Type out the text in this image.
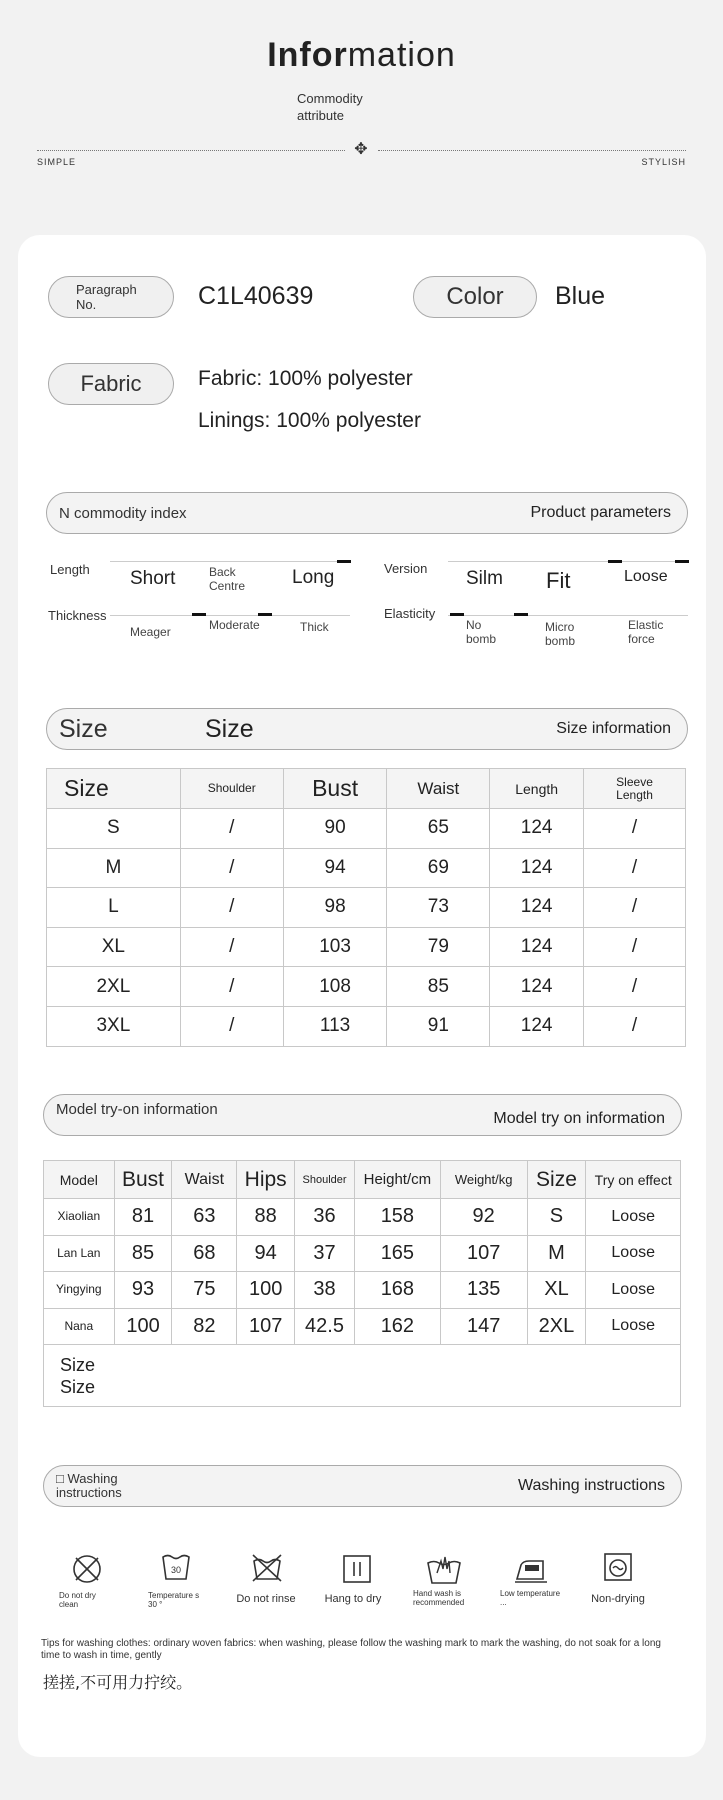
Information
Commodity attribute
✥
SIMPLE	STYLISH
Paragraph No.	C1L40639	Color Blue
Fabric	Fabric: 100% polyester
Linings: 100% polyester
N commodity index	Product parameters
Length Short	Back Centre	Long	Version Silm Fit	Loose
Thickness
Meager	Moderate	Thick
Elasticity
No bomb
Micro bomb
Elastic force
Size	Size	Size information
Size	Shoulder	Bust	Waist	Length	Sleeve Length
S	/	90	65	124	/
M	/	94	69	124	/
L	/	98	73	124	/
XL	/	103	79	124	/
2XL	/	108	85	124	/
3XL	/	113	91	124	/
Model try-on information
Model try on information
Model	Bust	Waist	Hips	Shoulder	Height/cm	Weight/kg	Size	Try on effect
Xiaolian	81	63	88	36	158	92	S	Loose
Lan Lan	85	68	94	37	165	107	M	Loose
Yingying	93	75	100	38	168	135	XL	Loose
Nana	100	82	107	42.5	162	147	2XL	Loose

Size
Size								
□ Washing instructions	Washing instructions
Do not dry clean
30
Temperature s 30 °	Do not rinse	Hang to dry	Hand wash is recommended
Low temperature ...	Non-drying
Tips for washing clothes: ordinary woven fabrics: when washing, please follow the washing mark to mark the washing, do not soak for a long time to wash in time, gently
搓搓,不可用力拧绞。
